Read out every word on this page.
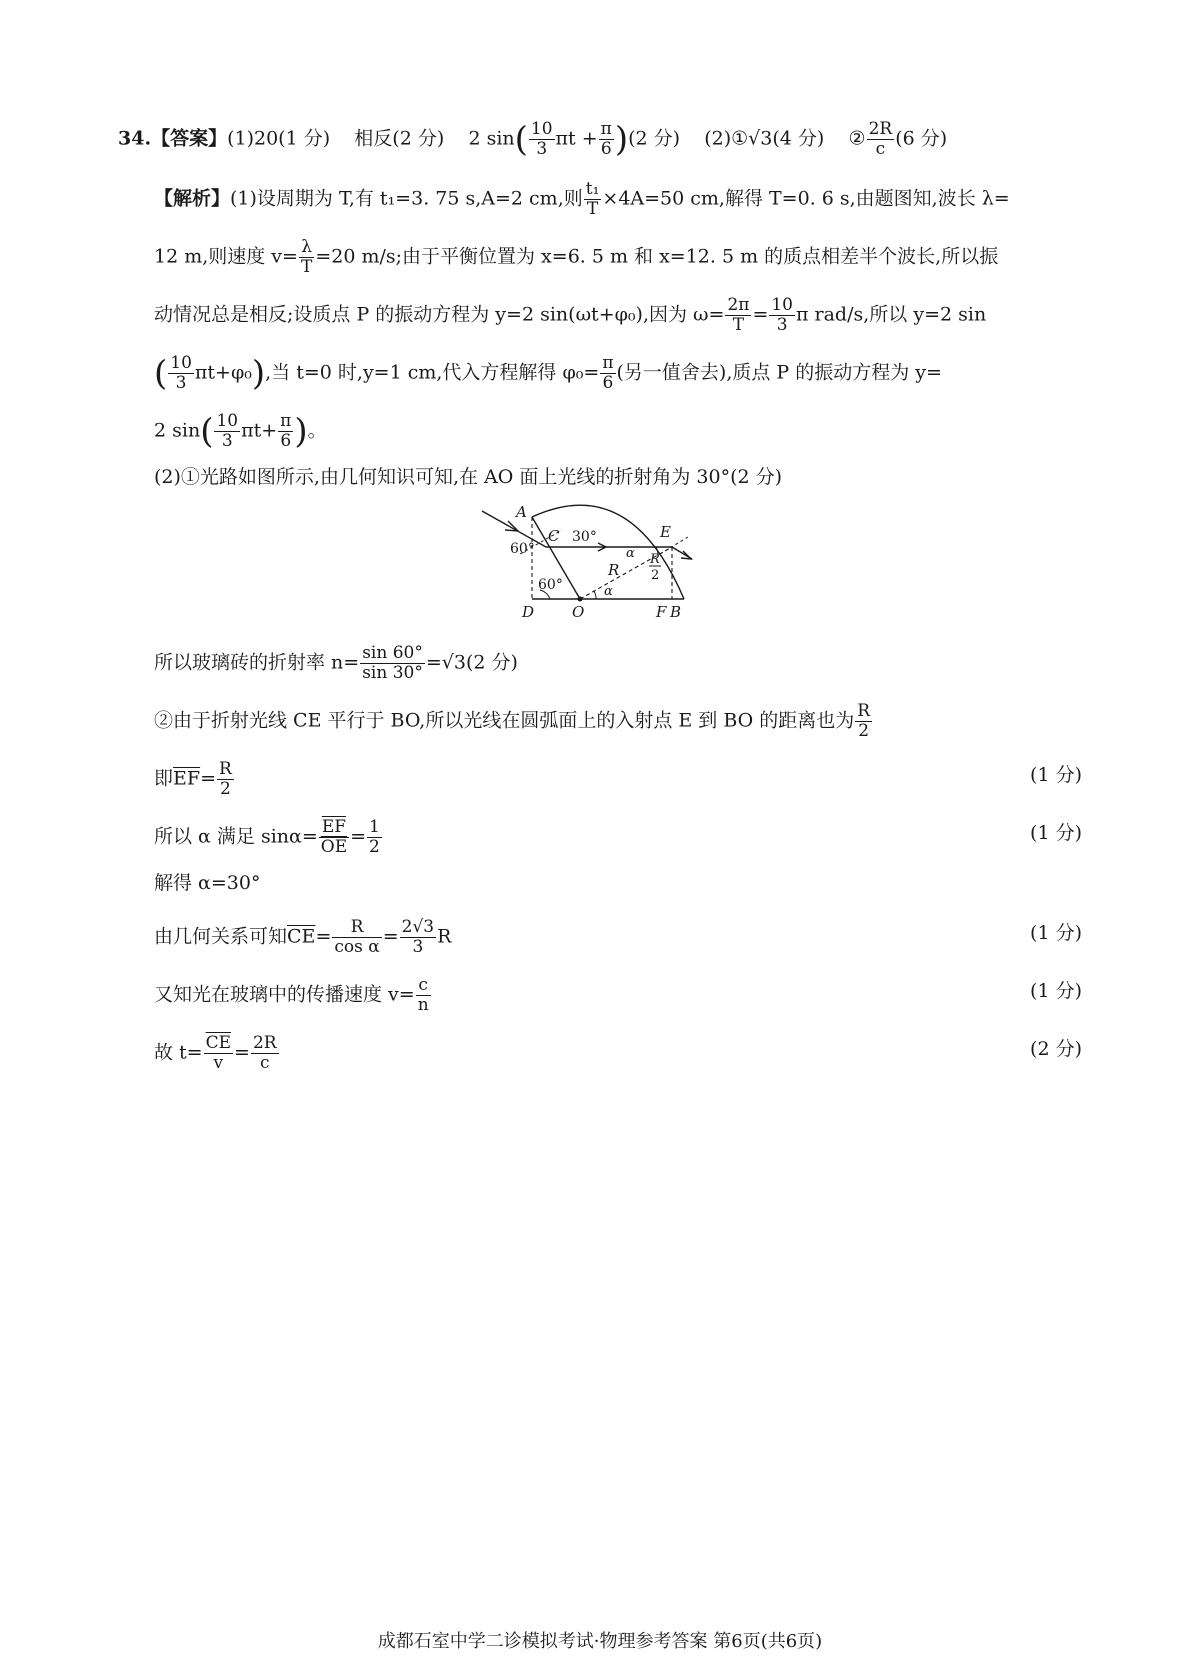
34.【答案】(1)20(1 分) 相反(2 分) 2 $\sin( \frac{10}{3}$ $\pi t + \frac{\pi}{6} )(2$ 分) (2)①√3(4 分) ② $\frac{2R}{c} (6$ 分)
【解析】(1)设周期为 T,有 t₁=3. 75 s,A=2 cm,则 $\frac{\text{t₁}}{T} \times 4A=50$ cm,解得 T=0. 6 s,由题图知,波长 λ=
12 m,则速度 $v= \frac{\lambda}{T} =20$ m/s;由于平衡位置为 x=6. 5 m 和 x=12. 5 m 的质点相差半个波长,所以振
动情况总是相反;设质点 P 的振动方程为 y=2 sin(ωt+φ₀),因为 $\omega= \frac{2\pi}{T} = \frac{10}{3}$ π rad/s,所以 y=2 sin
( $\frac{10}{3} \pi t+\varphi_0$),当 t=0 时,y=1 cm,代入方程解得 $\varphi_0= \frac{\pi}{6}$ (另一值舍去),质点 P 的振动方程为 y=
2 $\sin( \frac{10}{3} \pi t+ \frac{\pi}{6}$ )。
(2)①光路如图所示,由几何知识可知,在 AO 面上光线的折射角为 30°(2 分)
A
C	E
D	O	F B
R
R
α
α
30°
60°
60°
2
所以玻璃砖的折射率 $n= \frac{\sin 60^\circ}{\sin 30^\circ} =√3(2$ 分)
②由于折射光线 CE 平行于 BO,所以光线在圆弧面上的入射点 E 到 BO 的距离也为 $\frac{R}{2}$
即$\overline{EF}= \frac{R}{2}$	(1 分)
所以 α 满足 $\sin\alpha= \frac{\overline{EF}}{OE} = \frac{1}{2}$	(1 分)
解得 α=30°
由几何关系可知$\overline{CE}= \frac{R}{\text{cos α}} = \frac{2√3}{3}$ R	(1 分)
又知光在玻璃中的传播速度 $v= \frac{c}{n}$	(1 分)
故 $t= \frac{\overline{CE}}{v} = \frac{2R}{c}$	(2 分)
成都石室中学二诊模拟考试·物理参考答案 第6页(共6页)
